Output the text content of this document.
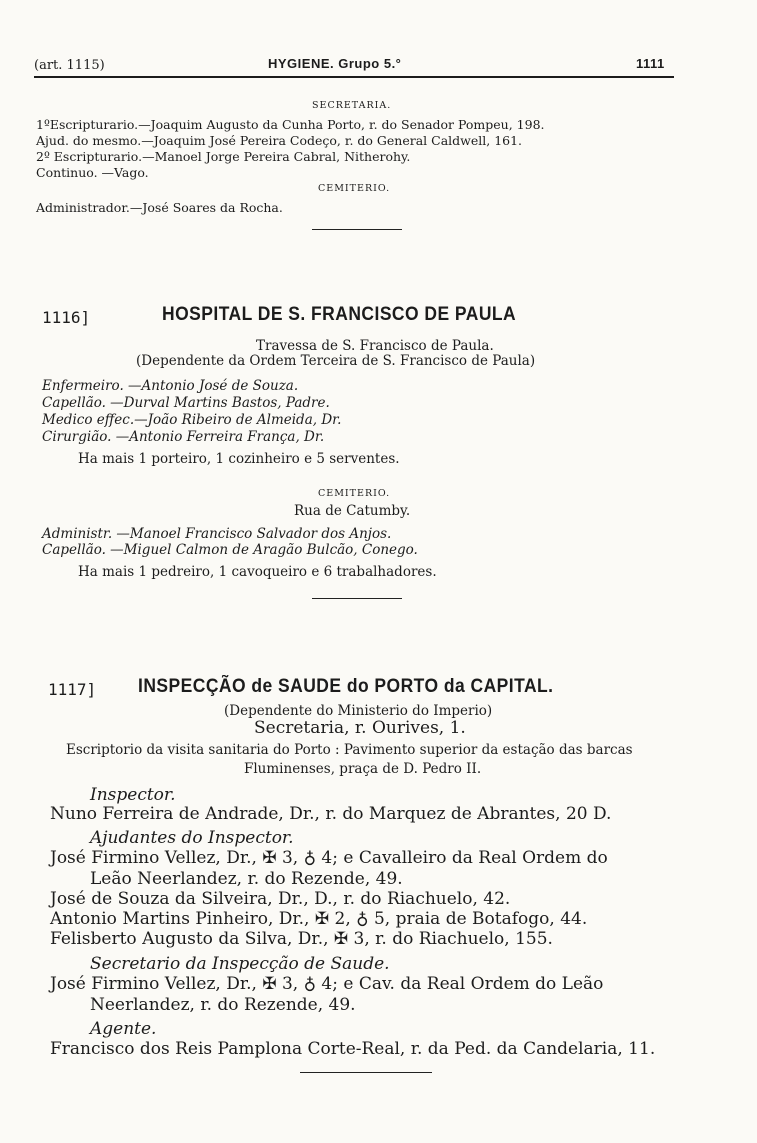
(art. 1115)	HYGIENE. Grupo 5.°	1111
SECRETARIA.
1ºEscripturario.—Joaquim Augusto da Cunha Porto, r. do Senador Pompeu, 198.
Ajud. do mesmo.—Joaquim José Pereira Codeço, r. do General Caldwell, 161.
2º Escripturario.—Manoel Jorge Pereira Cabral, Nitherohy.
Continuo. —Vago.
CEMITERIO.
Administrador.—José Soares da Rocha.
1116]	HOSPITAL DE S. FRANCISCO DE PAULA
Travessa de S. Francisco de Paula.
(Dependente da Ordem Terceira de S. Francisco de Paula)
Enfermeiro. —Antonio José de Souza.
Capellão. —Durval Martins Bastos, Padre.
Medico effec.—João Ribeiro de Almeida, Dr.
Cirurgião. —Antonio Ferreira França, Dr.
Ha mais 1 porteiro, 1 cozinheiro e 5 serventes.
CEMITERIO.
Rua de Catumby.
Administr. —Manoel Francisco Salvador dos Anjos.
Capellão. —Miguel Calmon de Aragão Bulcão, Conego.
Ha mais 1 pedreiro, 1 cavoqueiro e 6 trabalhadores.
1117] INSPECÇÃO de SAUDE do PORTO da CAPITAL.
(Dependente do Ministerio do Imperio)
Secretaria, r. Ourives, 1.
Escriptorio da visita sanitaria do Porto : Pavimento superior da estação das barcas
Fluminenses, praça de D. Pedro II.
Inspector.
Nuno Ferreira de Andrade, Dr., r. do Marquez de Abrantes, 20 D.
Ajudantes do Inspector.
José Firmino Vellez, Dr., ✠ 3, ♁ 4; e Cavalleiro da Real Ordem do
Leão Neerlandez, r. do Rezende, 49.
José de Souza da Silveira, Dr., D., r. do Riachuelo, 42.
Antonio Martins Pinheiro, Dr., ✠ 2, ♁ 5, praia de Botafogo, 44.
Felisberto Augusto da Silva, Dr., ✠ 3, r. do Riachuelo, 155.
Secretario da Inspecção de Saude.
José Firmino Vellez, Dr., ✠ 3, ♁ 4; e Cav. da Real Ordem do Leão
Neerlandez, r. do Rezende, 49.
Agente.
Francisco dos Reis Pamplona Corte-Real, r. da Ped. da Candelaria, 11.
